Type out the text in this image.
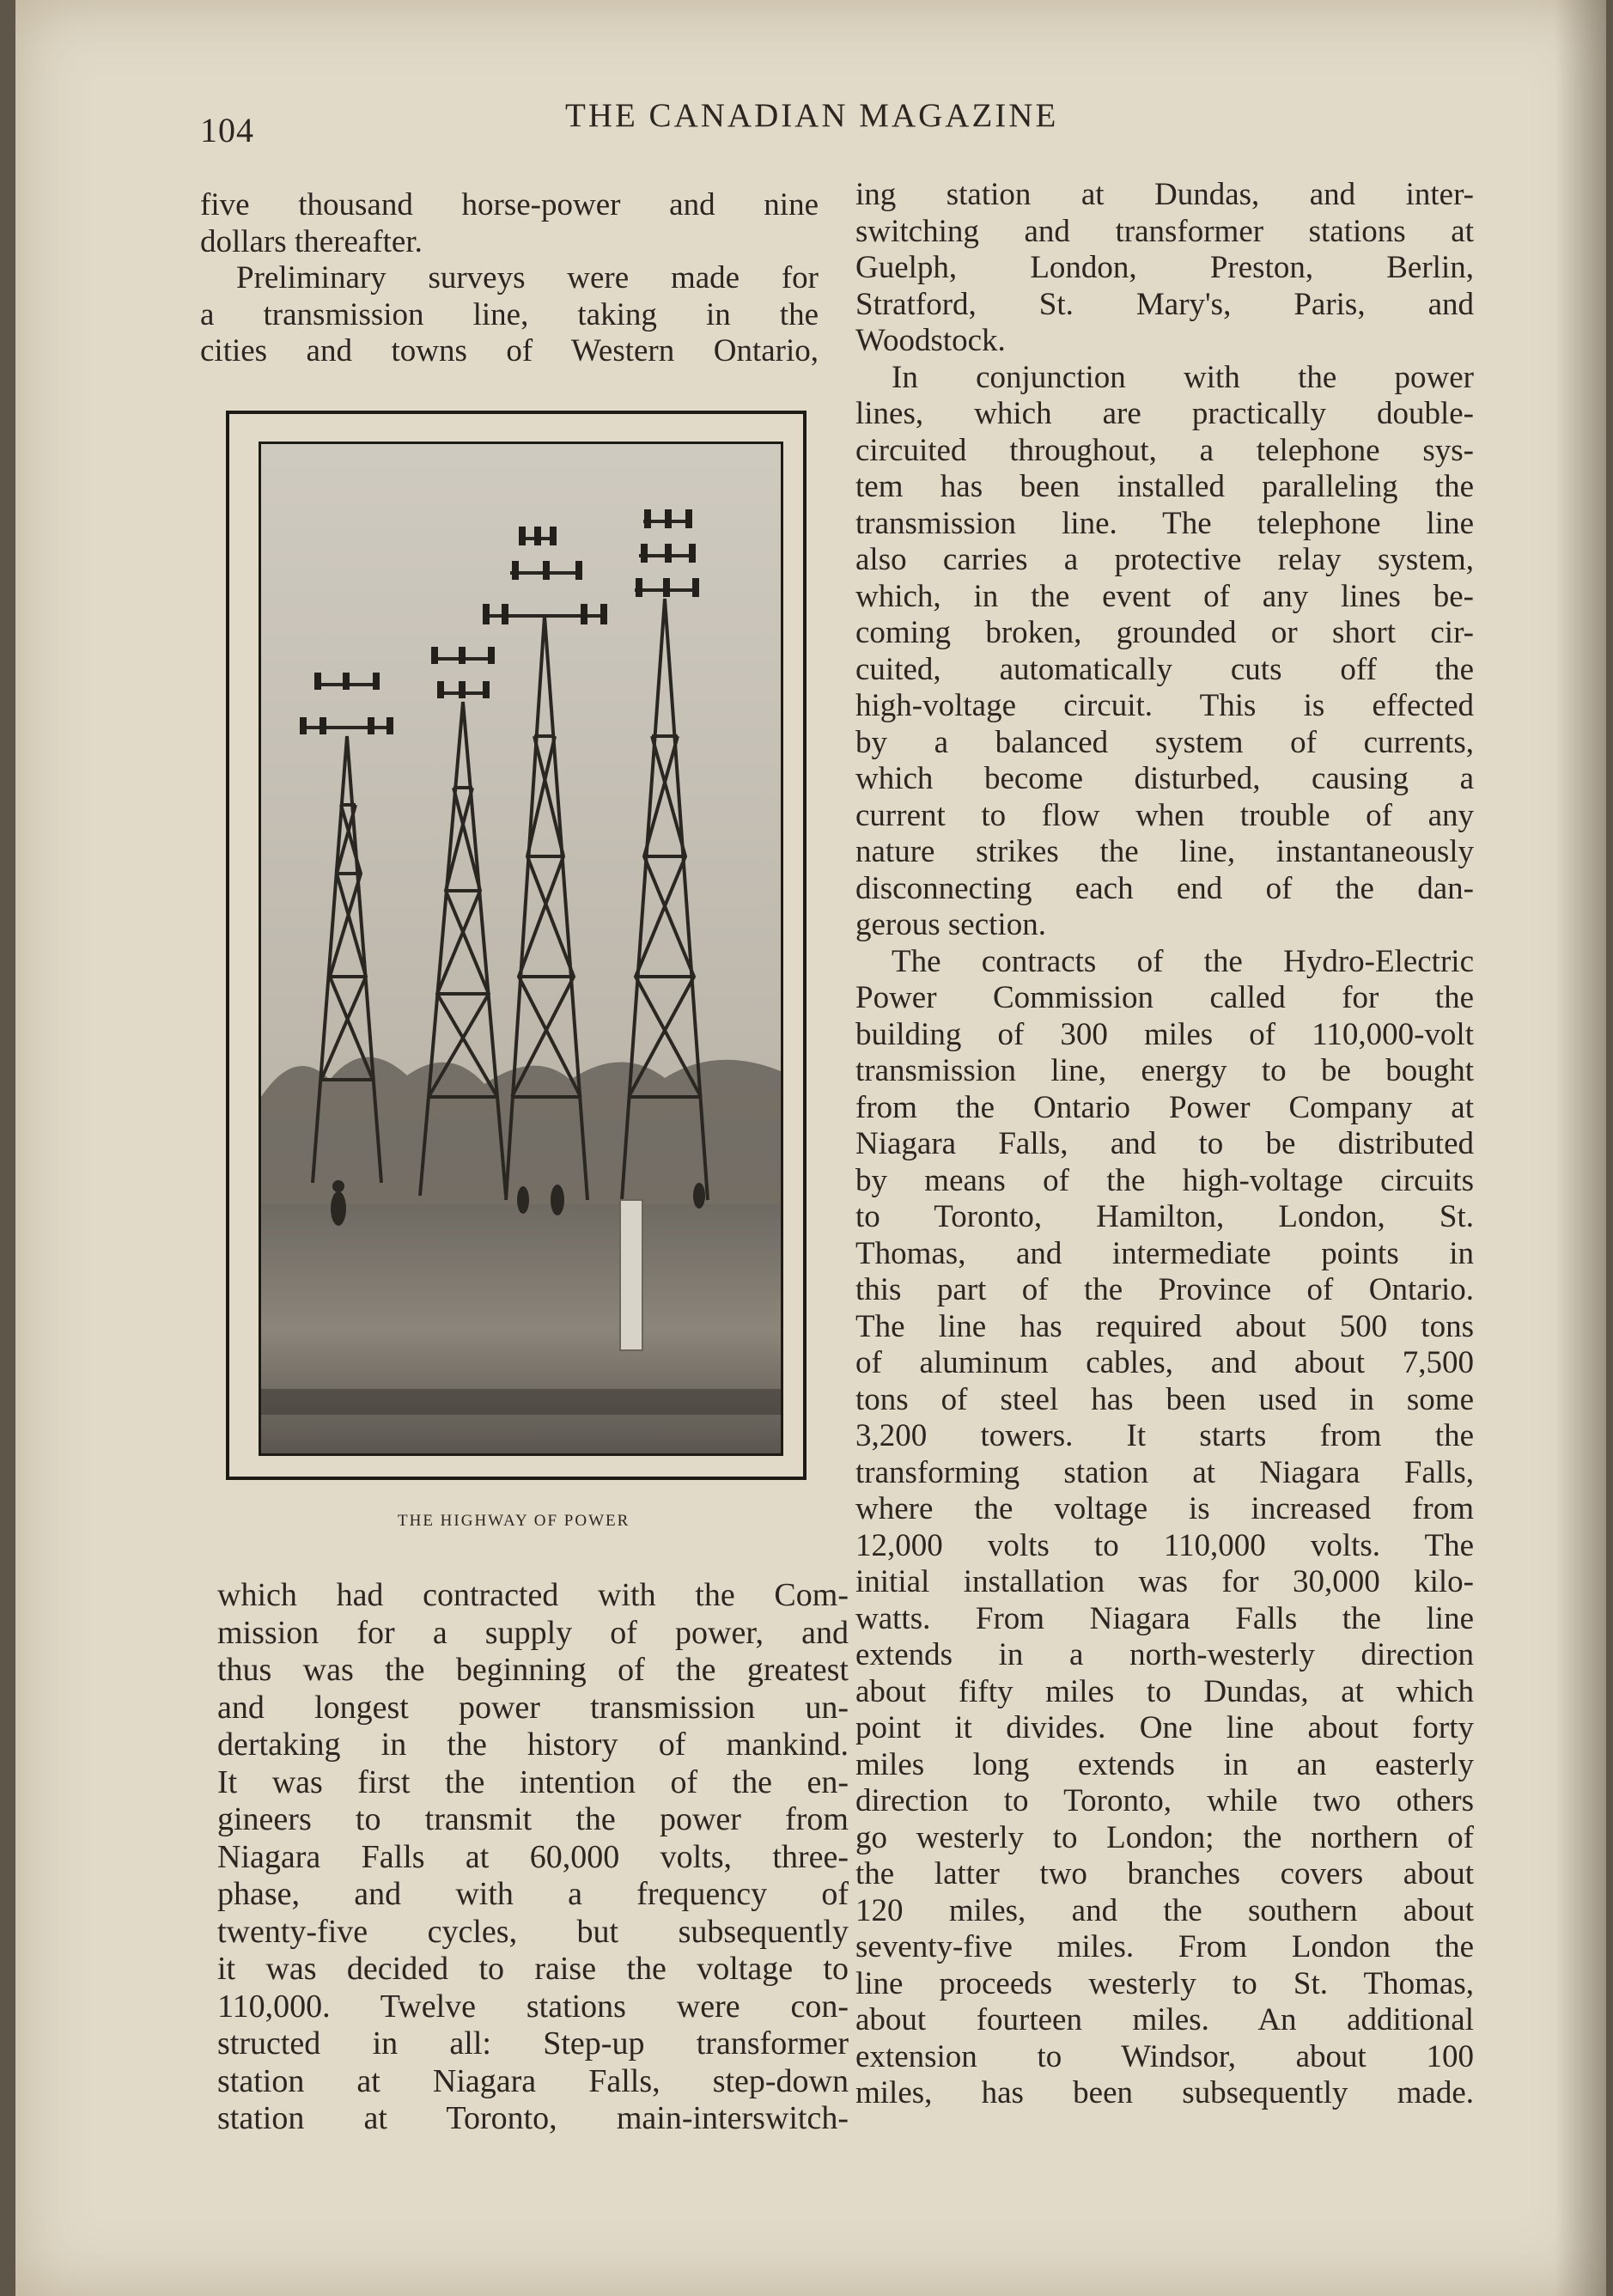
104	THE CANADIAN MAGAZINE
five thousand horse-power and nine
dollars thereafter.
Preliminary surveys were made for
a transmission line, taking in the
cities and towns of Western Ontario,
THE HIGHWAY OF POWER
which had contracted with the Com-
mission for a supply of power, and
thus was the beginning of the greatest
and longest power transmission un-
dertaking in the history of mankind.
It was first the intention of the en-
gineers to transmit the power from
Niagara Falls at 60,000 volts, three-
phase, and with a frequency of
twenty-five cycles, but subsequently
it was decided to raise the voltage to
110,000. Twelve stations were con-
structed in all: Step-up transformer
station at Niagara Falls, step-down
station at Toronto, main-interswitch-
ing station at Dundas, and inter-
switching and transformer stations at
Guelph, London, Preston, Berlin,
Stratford, St. Mary's, Paris, and
Woodstock.
In conjunction with the power
lines, which are practically double-
circuited throughout, a telephone sys-
tem has been installed paralleling the
transmission line. The telephone line
also carries a protective relay system,
which, in the event of any lines be-
coming broken, grounded or short cir-
cuited, automatically cuts off the
high-voltage circuit. This is effected
by a balanced system of currents,
which become disturbed, causing a
current to flow when trouble of any
nature strikes the line, instantaneously
disconnecting each end of the dan-
gerous section.
The contracts of the Hydro-Electric
Power Commission called for the
building of 300 miles of 110,000-volt
transmission line, energy to be bought
from the Ontario Power Company at
Niagara Falls, and to be distributed
by means of the high-voltage circuits
to Toronto, Hamilton, London, St.
Thomas, and intermediate points in
this part of the Province of Ontario.
The line has required about 500 tons
of aluminum cables, and about 7,500
tons of steel has been used in some
3,200 towers. It starts from the
transforming station at Niagara Falls,
where the voltage is increased from
12,000 volts to 110,000 volts. The
initial installation was for 30,000 kilo-
watts. From Niagara Falls the line
extends in a north-westerly direction
about fifty miles to Dundas, at which
point it divides. One line about forty
miles long extends in an easterly
direction to Toronto, while two others
go westerly to London; the northern of
the latter two branches covers about
120 miles, and the southern about
seventy-five miles. From London the
line proceeds westerly to St. Thomas,
about fourteen miles. An additional
extension to Windsor, about 100
miles, has been subsequently made.
